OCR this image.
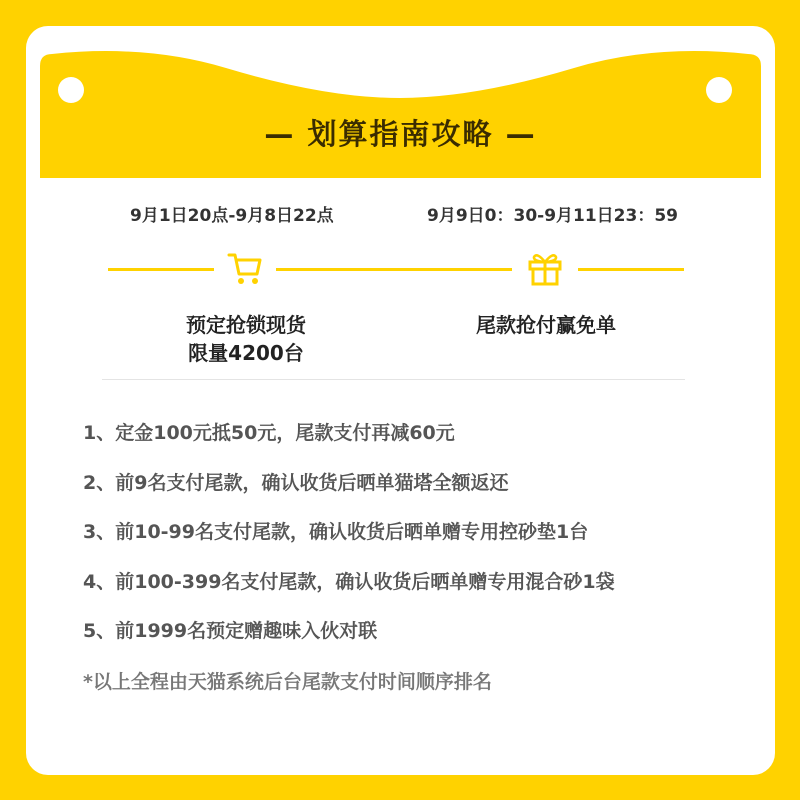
— 划算指南攻略 —
9月1日20点-9月8日22点	9月9日0：30-9月11日23：59
预定抢锁现货
限量4200台
尾款抢付赢免单
1、定金100元抵50元，尾款支付再减60元
2、前9名支付尾款，确认收货后晒单猫塔全额返还
3、前10-99名支付尾款，确认收货后晒单赠专用控砂垫1台
4、前100-399名支付尾款，确认收货后晒单赠专用混合砂1袋
5、前1999名预定赠趣味入伙对联
*以上全程由天猫系统后台尾款支付时间顺序排名
